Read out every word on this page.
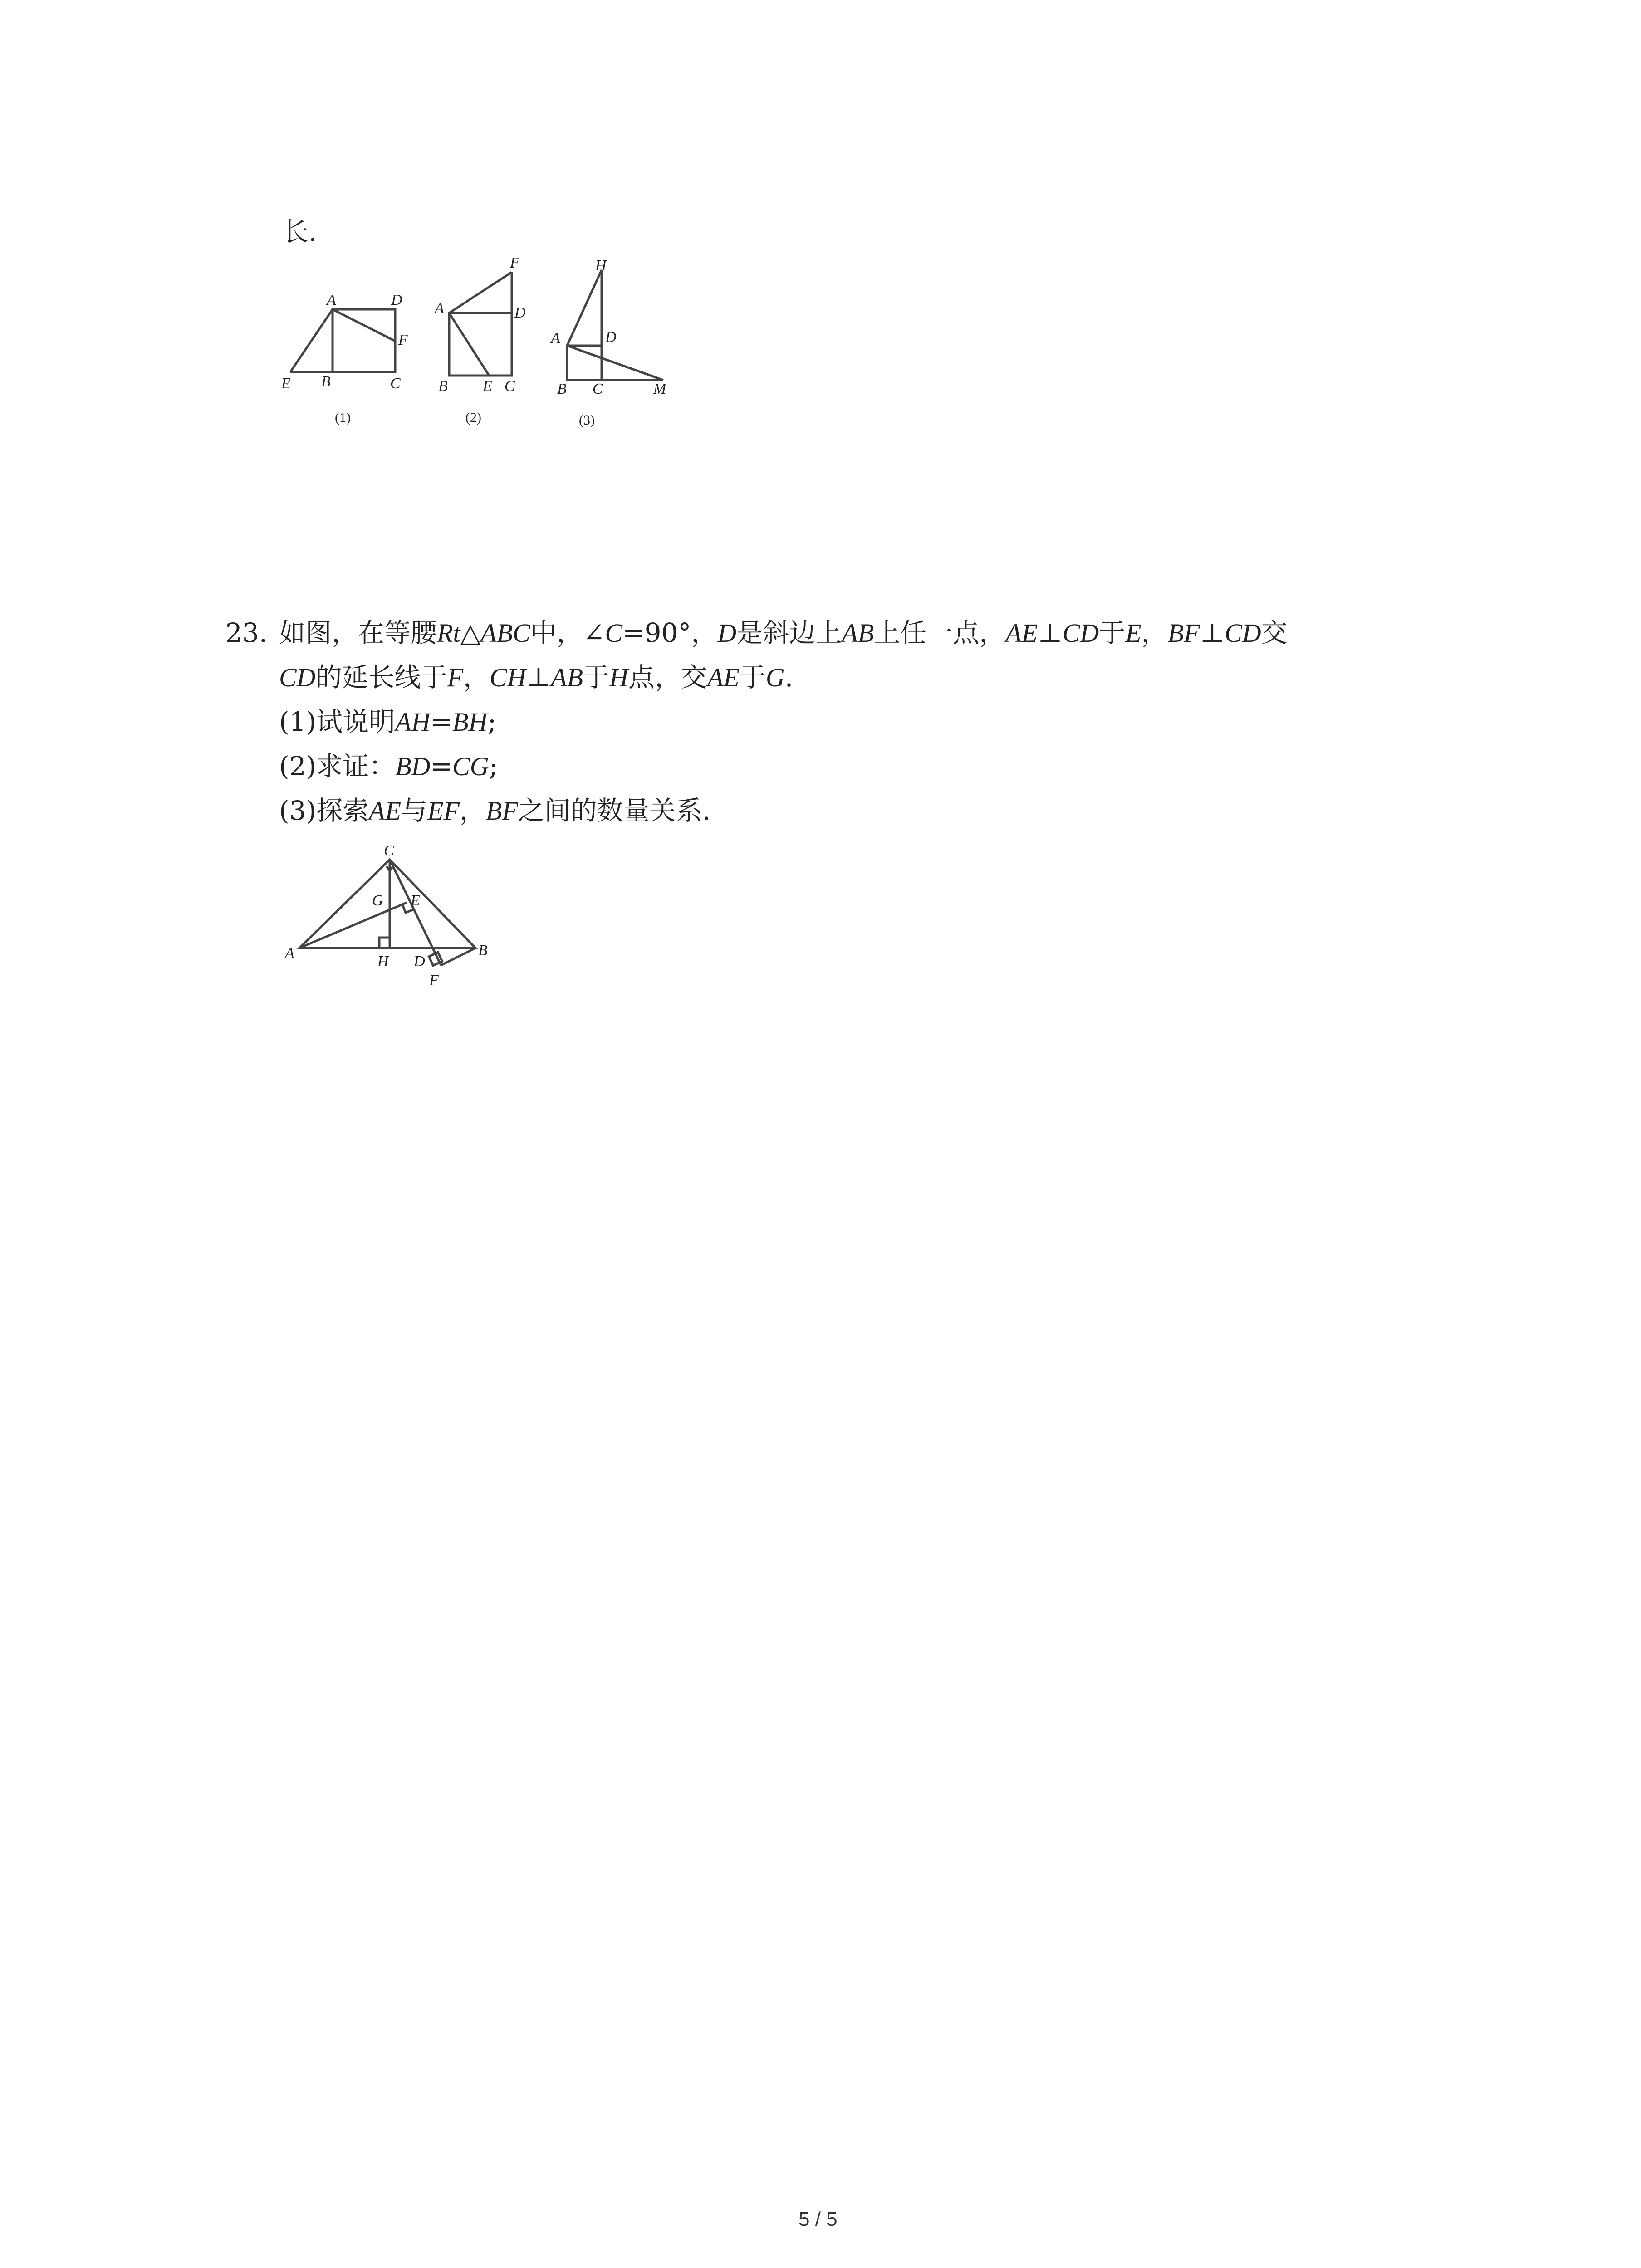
长.
A	D
F
E B	C
(1)
F
A	D
B E C
(2)
H
A	D
B C	M
(3)
23. 如图，在等腰Rt△ABC中，∠C=90°，D是斜边上AB上任一点，AE⊥CD于E，BF⊥CD交
CD的延长线于F，CH⊥AB于H点，交AE于G.
(1)试说明AH=BH;
(2)求证：BD=CG;
(3)探索AE与EF，BF之间的数量关系.
C
G E
A	H D
B
F
5 / 5
